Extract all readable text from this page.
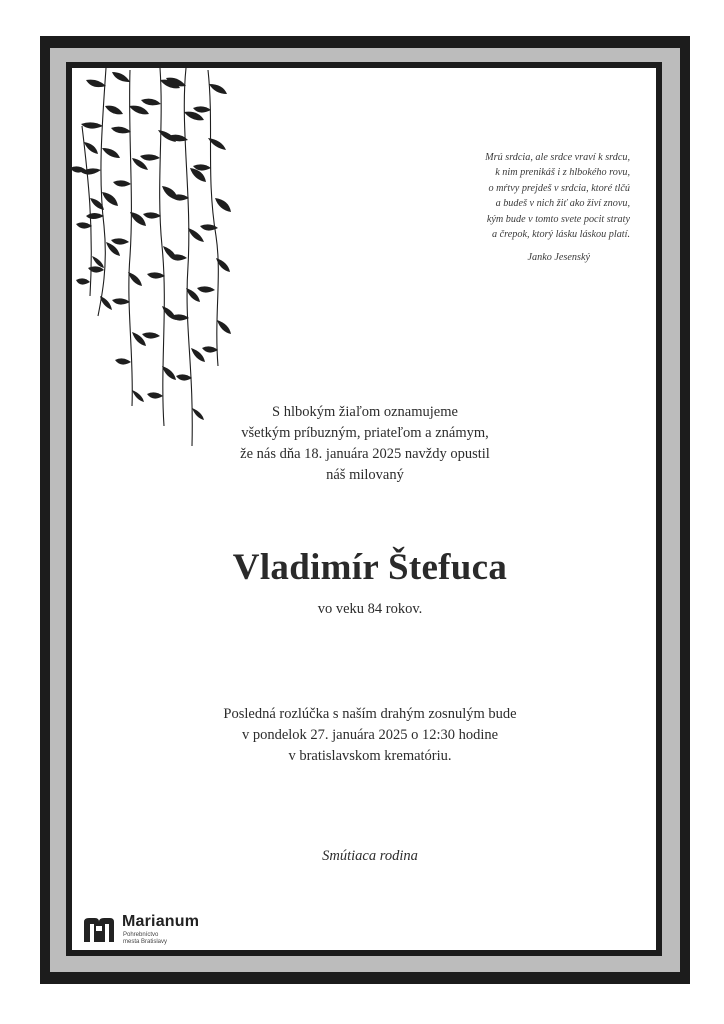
Mrú srdcia, ale srdce vraví k srdcu,
k nim prenikáš i z hlbokého rovu,
o mŕtvy prejdeš v srdcia, ktoré tlčú
a budeš v nich žiť ako živí znovu,
kým bude v tomto svete pocit straty
a črepok, ktorý lásku láskou platí.
Janko Jesenský
S hlbokým žiaľom oznamujeme
všetkým príbuzným, priateľom a známym,
že nás dňa 18. januára 2025 navždy opustil
náš milovaný
Vladimír Štefuca
vo veku 84 rokov.
Posledná rozlúčka s naším drahým zosnulým bude
v pondelok 27. januára 2025 o 12:30 hodine
v bratislavskom krematóriu.
Smútiaca rodina
Marianum
Pohrebníctvo
mesta Bratislavy
